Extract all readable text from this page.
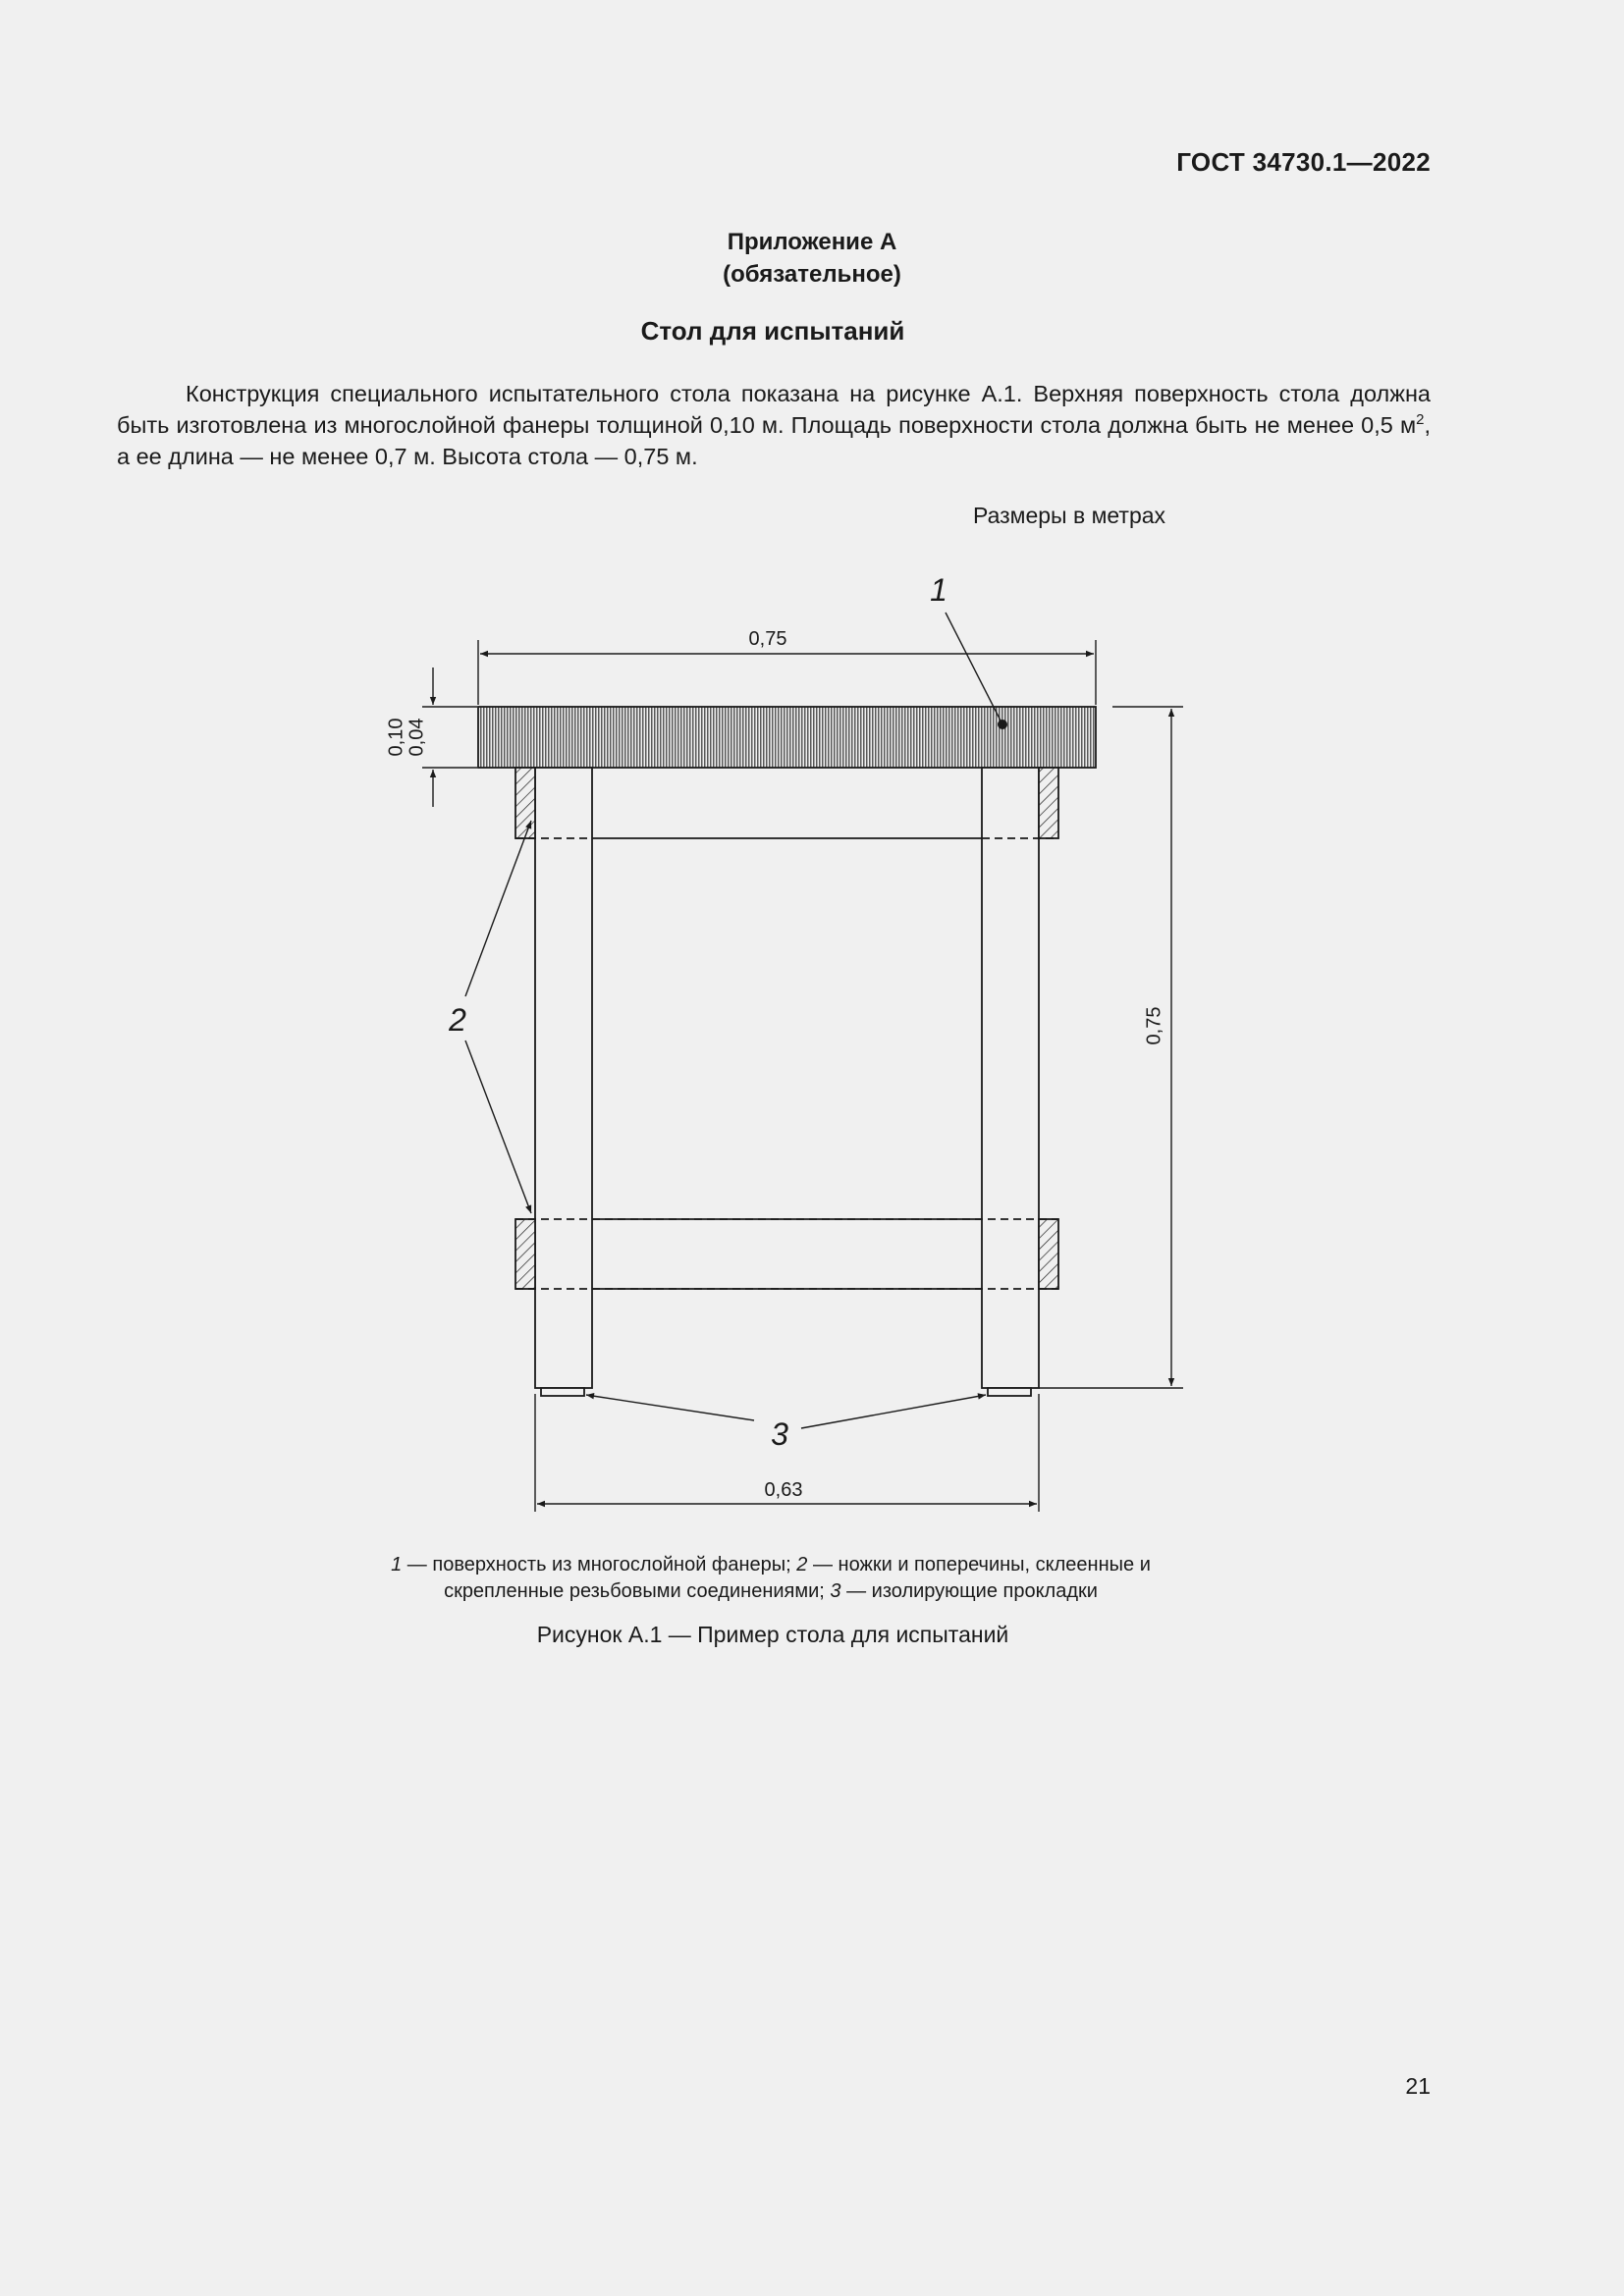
ГОСТ 34730.1—2022
Приложение А
(обязательное)
Стол для испытаний

Конструкция специального испытательного стола показана на рисунке А.1. Верхняя поверхность стола должна быть изготовлена из многослойной фанеры толщиной 0,10 м. Площадь поверхности стола должна быть не менее 0,5 $м^2$, а ее длина — не менее 0,7 м. Высота стола — 0,75 м.

Размеры в метрах
0,75
0,10 0,04
0,75
0,63
1
2
3
1 — поверхность из многослойной фанеры; 2 — ножки и поперечины, склеенные и скрепленные резьбовыми соединениями; 3 — изолирующие прокладки
Рисунок А.1 — Пример стола для испытаний
21
